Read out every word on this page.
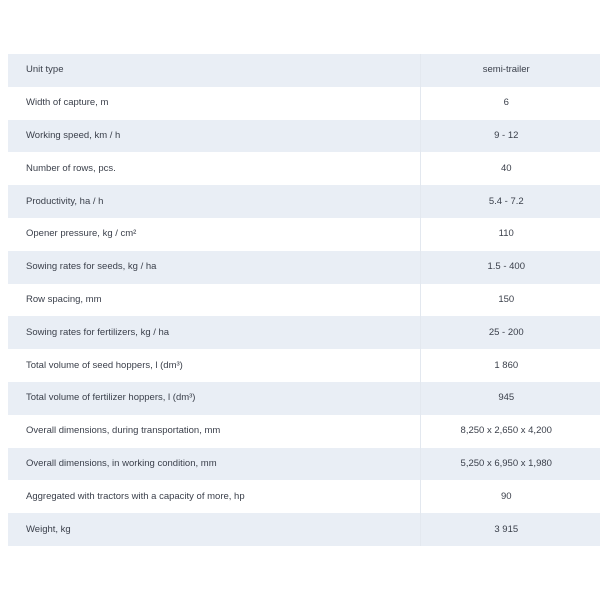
Unit type	semi-trailer
Width of capture, m	6
Working speed, km / h	9 - 12
Number of rows, pcs.	40
Productivity, ha / h	5.4 - 7.2
Opener pressure, kg / cm²	110
Sowing rates for seeds, kg / ha	1.5 - 400
Row spacing, mm	150
Sowing rates for fertilizers, kg / ha	25 - 200
Total volume of seed hoppers, l (dm³)	1 860
Total volume of fertilizer hoppers, l (dm³)	945
Overall dimensions, during transportation, mm	8,250 x 2,650 x 4,200
Overall dimensions, in working condition, mm	5,250 x 6,950 x 1,980
Aggregated with tractors with a capacity of more, hp	90
Weight, kg	3 915
